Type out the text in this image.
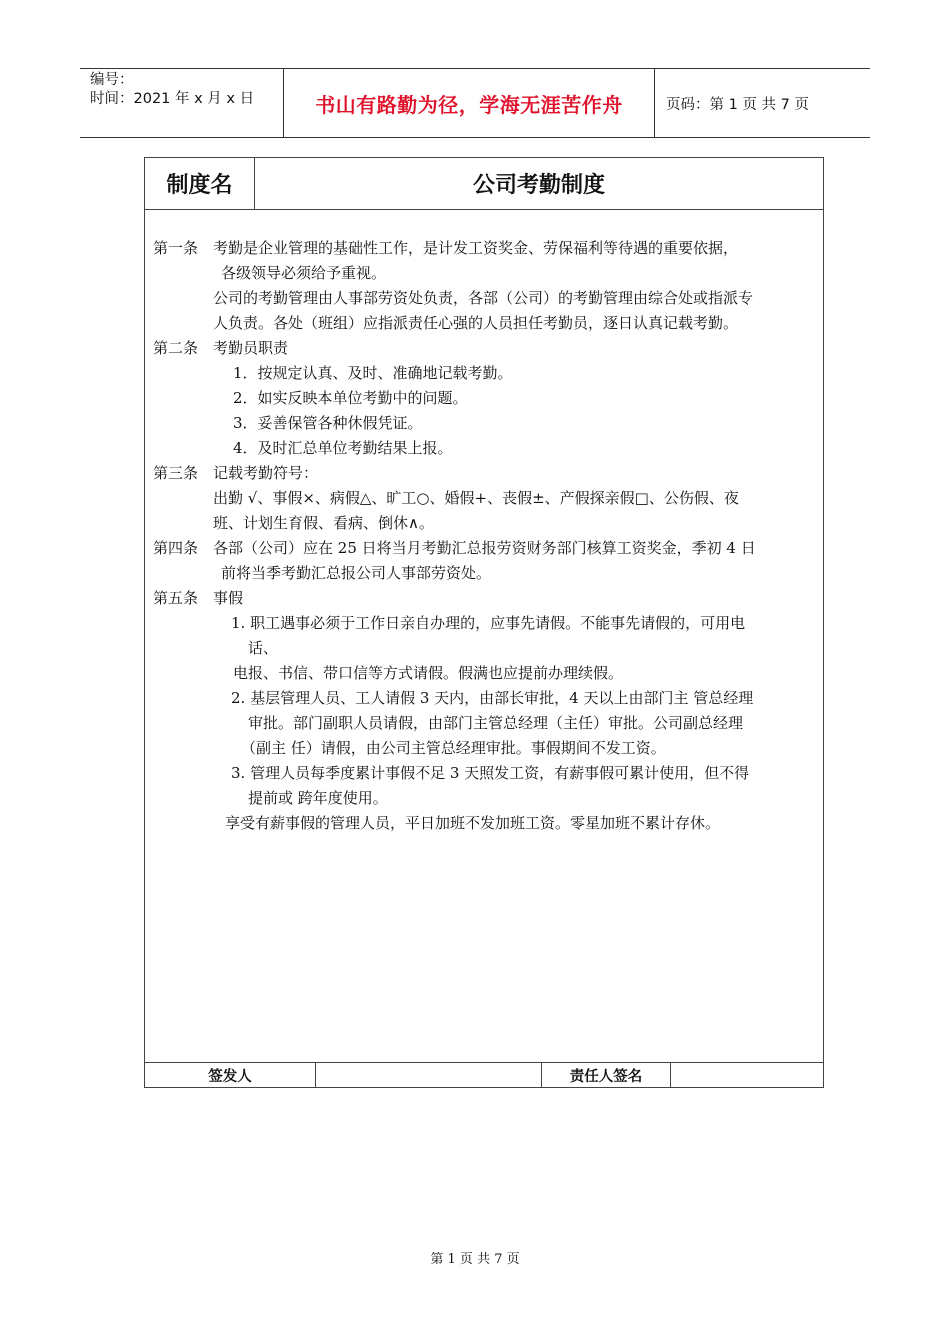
编号：
时间：2021 年 x 月 x 日	书山有路勤为径，学海无涯苦作舟	页码：第 1 页 共 7 页
制度名	公司考勤制度
第一条　考勤是企业管理的基础性工作，是计发工资奖金、劳保福利等待遇的重要依据，
各级领导必须给予重视。
公司的考勤管理由人事部劳资处负责，各部（公司）的考勤管理由综合处或指派专
人负责。各处（班组）应指派责任心强的人员担任考勤员，逐日认真记载考勤。
第二条　考勤员职责
1．按规定认真、及时、准确地记载考勤。
2．如实反映本单位考勤中的问题。
3．妥善保管各种休假凭证。
4．及时汇总单位考勤结果上报。
第三条　记载考勤符号：
出勤 √、事假×、病假△、旷工○、婚假+、丧假±、产假探亲假□、公伤假、夜
班、计划生育假、看病、倒休∧。
第四条　各部（公司）应在 25 日将当月考勤汇总报劳资财务部门核算工资奖金，季初 4 日
前将当季考勤汇总报公司人事部劳资处。
第五条　事假
1. 职工遇事必须于工作日亲自办理的，应事先请假。不能事先请假的，可用电
话、
电报、书信、带口信等方式请假。假满也应提前办理续假。
2. 基层管理人员、工人请假 3 天内，由部长审批，4 天以上由部门主 管总经理
审批。部门副职人员请假，由部门主管总经理（主任）审批。公司副总经理
（副主 任）请假，由公司主管总经理审批。事假期间不发工资。
3. 管理人员每季度累计事假不足 3 天照发工资，有薪事假可累计使用，但不得
提前或 跨年度使用。
享受有薪事假的管理人员，平日加班不发加班工资。零星加班不累计存休。
签发人	责任人签名
第 1 页 共 7 页
